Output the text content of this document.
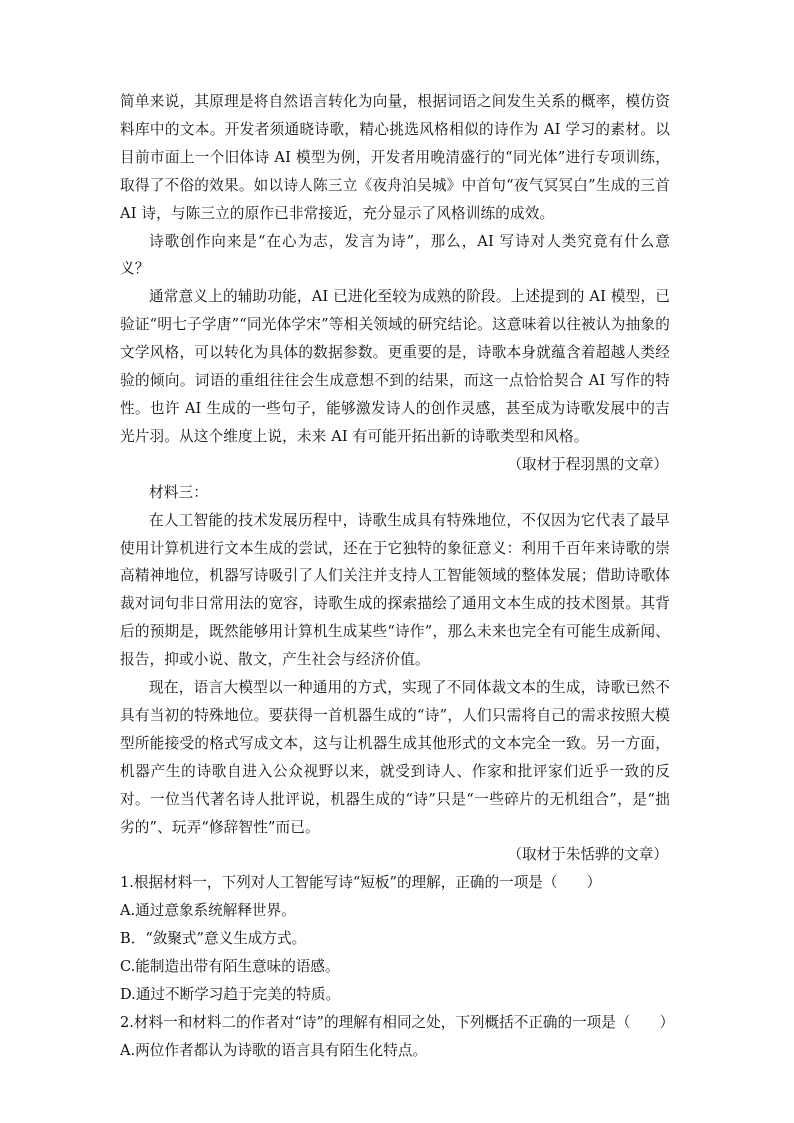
简单来说，其原理是将自然语言转化为向量，根据词语之间发生关系的概率，模仿资料库中的文本。开发者须通晓诗歌，精心挑选风格相似的诗作为 AI 学习的素材。以目前市面上一个旧体诗 AI 模型为例，开发者用晚清盛行的“同光体”进行专项训练，取得了不俗的效果。如以诗人陈三立《夜舟泊吴城》中首句“夜气冥冥白”生成的三首 AI 诗，与陈三立的原作已非常接近，充分显示了风格训练的成效。

诗歌创作向来是“在心为志，发言为诗”，那么，AI 写诗对人类究竟有什么意义？

通常意义上的辅助功能，AI 已进化至较为成熟的阶段。上述提到的 AI 模型，已验证“明七子学唐”“同光体学宋”等相关领域的研究结论。这意味着以往被认为抽象的文学风格，可以转化为具体的数据参数。更重要的是，诗歌本身就蕴含着超越人类经验的倾向。词语的重组往往会生成意想不到的结果，而这一点恰恰契合 AI 写作的特性。也许 AI 生成的一些句子，能够激发诗人的创作灵感，甚至成为诗歌发展中的吉光片羽。从这个维度上说，未来 AI 有可能开拓出新的诗歌类型和风格。

（取材于程羽黑的文章）

材料三：

在人工智能的技术发展历程中，诗歌生成具有特殊地位，不仅因为它代表了最早使用计算机进行文本生成的尝试，还在于它独特的象征意义：利用千百年来诗歌的崇高精神地位，机器写诗吸引了人们关注并支持人工智能领域的整体发展；借助诗歌体裁对词句非日常用法的宽容，诗歌生成的探索描绘了通用文本生成的技术图景。其背后的预期是，既然能够用计算机生成某些“诗作”，那么未来也完全有可能生成新闻、报告，抑或小说、散文，产生社会与经济价值。

现在，语言大模型以一种通用的方式，实现了不同体裁文本的生成，诗歌已然不具有当初的特殊地位。要获得一首机器生成的“诗”，人们只需将自己的需求按照大模型所能接受的格式写成文本，这与让机器生成其他形式的文本完全一致。另一方面，机器产生的诗歌自进入公众视野以来，就受到诗人、作家和批评家们近乎一致的反对。一位当代著名诗人批评说，机器生成的“诗”只是“一些碎片的无机组合”，是“拙劣的”、玩弄“修辞智性”而已。

（取材于朱恬骅的文章）

1.根据材料一，下列对人工智能写诗“短板”的理解，正确的一项是（　　）

A.通过意象系统解释世界。

B．“敛聚式”意义生成方式。

C.能制造出带有陌生意味的语感。

D.通过不断学习趋于完美的特质。

2.材料一和材料二的作者对“诗”的理解有相同之处，下列概括不正确的一项是（　　）

A.两位作者都认为诗歌的语言具有陌生化特点。
